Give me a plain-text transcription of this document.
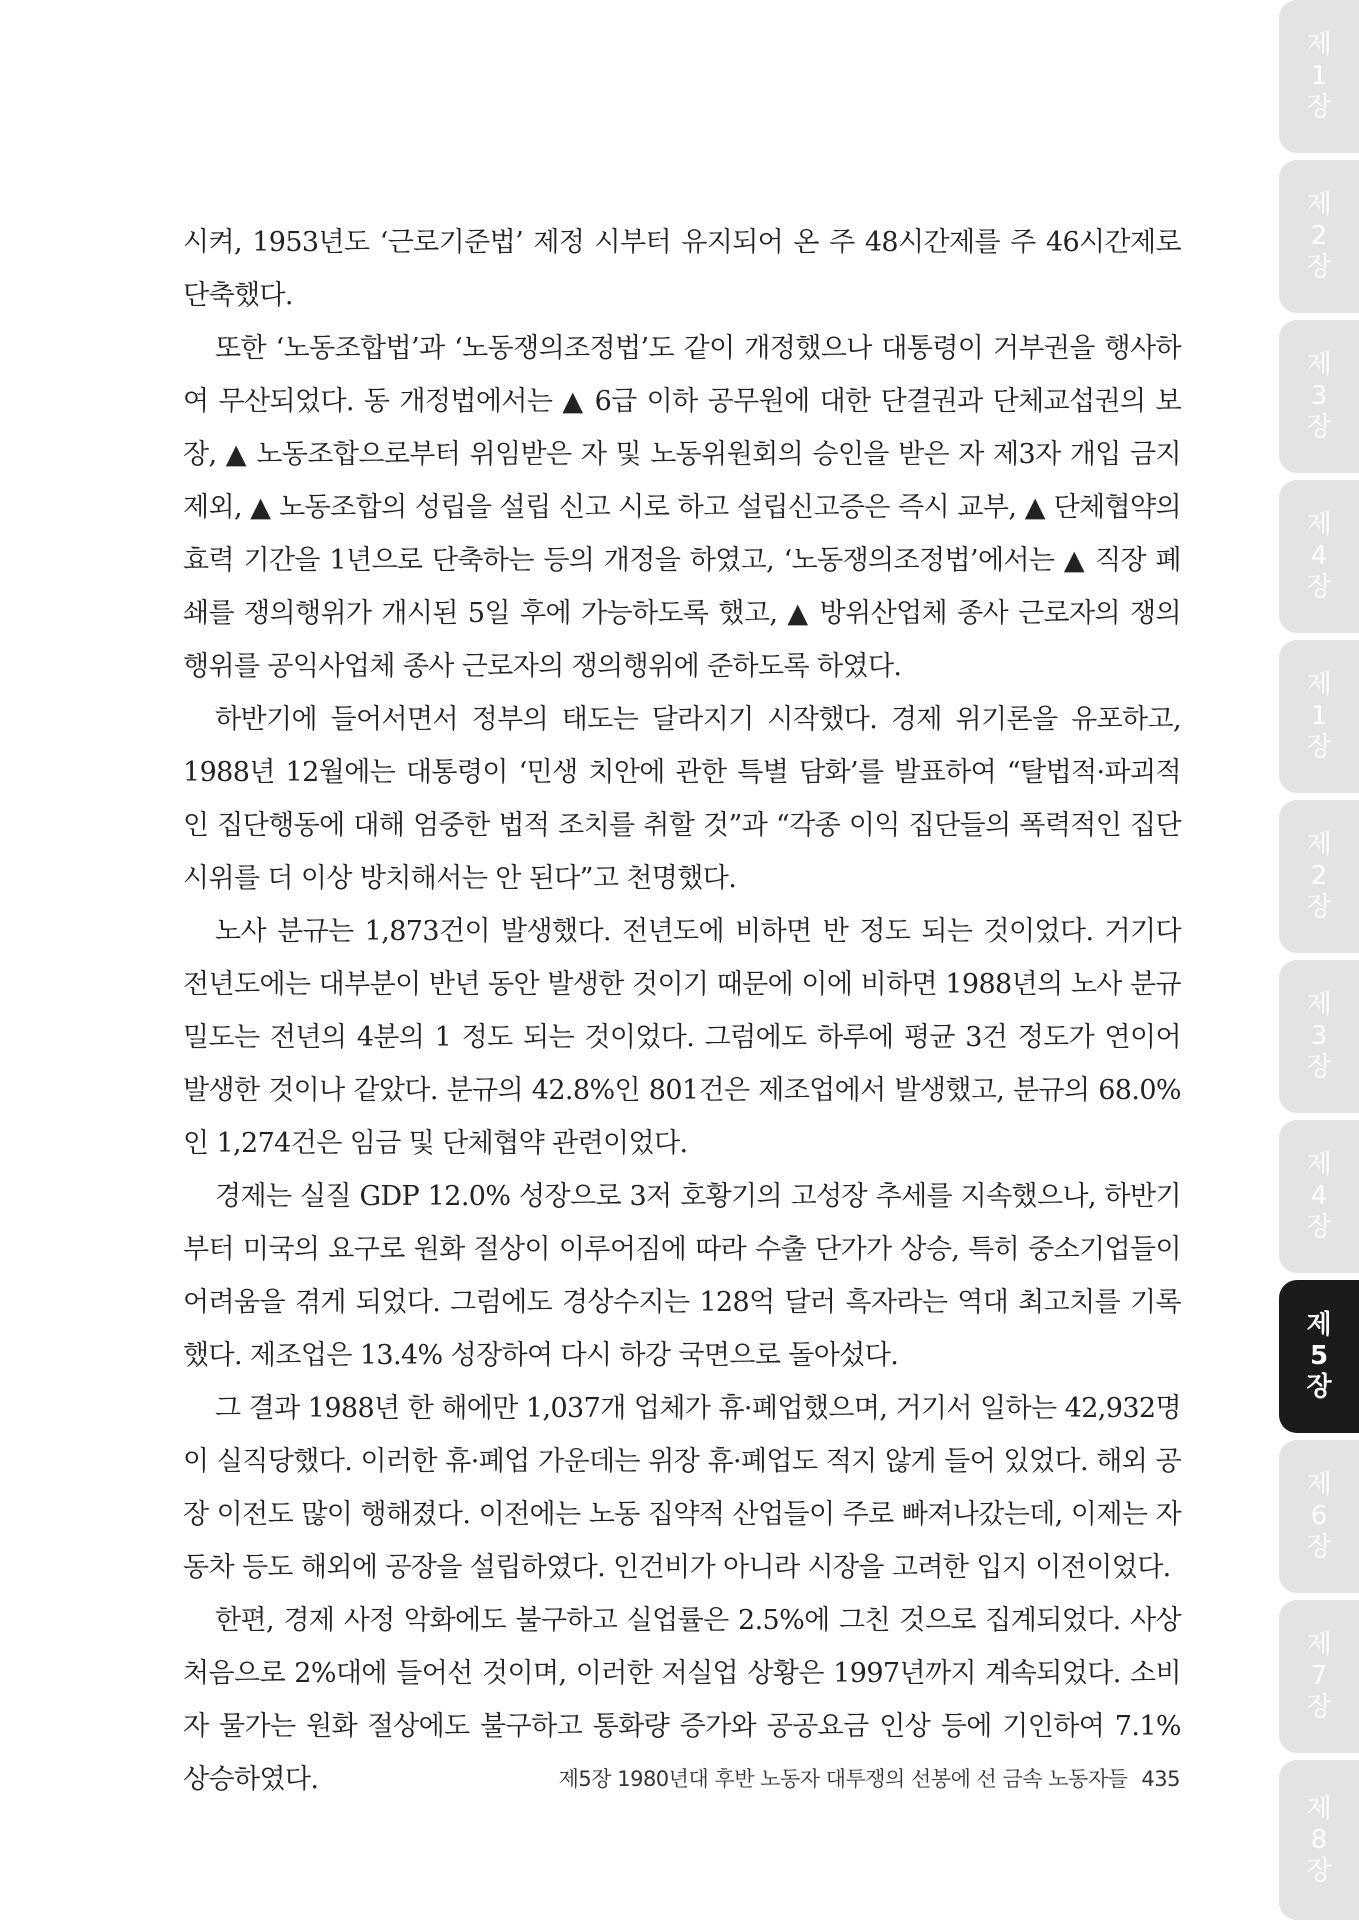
시켜, 1953년도 ‘근로기준법’ 제정 시부터 유지되어 온 주 48시간제를 주 46시간제로 단축했다.

또한 ‘노동조합법’과 ‘노동쟁의조정법’도 같이 개정했으나 대통령이 거부권을 행사하여 무산되었다. 동 개정법에서는 ▲ 6급 이하 공무원에 대한 단결권과 단체교섭권의 보장, ▲ 노동조합으로부터 위임받은 자 및 노동위원회의 승인을 받은 자 제3자 개입 금지 제외, ▲ 노동조합의 성립을 설립 신고 시로 하고 설립신고증은 즉시 교부, ▲ 단체협약의 효력 기간을 1년으로 단축하는 등의 개정을 하였고, ‘노동쟁의조정법’에서는 ▲ 직장 폐쇄를 쟁의행위가 개시된 5일 후에 가능하도록 했고, ▲ 방위산업체 종사 근로자의 쟁의행위를 공익사업체 종사 근로자의 쟁의행위에 준하도록 하였다.

하반기에 들어서면서 정부의 태도는 달라지기 시작했다. 경제 위기론을 유포하고, 1988년 12월에는 대통령이 ‘민생 치안에 관한 특별 담화’를 발표하여 “탈법적·파괴적인 집단행동에 대해 엄중한 법적 조치를 취할 것”과 “각종 이익 집단들의 폭력적인 집단 시위를 더 이상 방치해서는 안 된다”고 천명했다.

노사 분규는 1,873건이 발생했다. 전년도에 비하면 반 정도 되는 것이었다. 거기다 전년도에는 대부분이 반년 동안 발생한 것이기 때문에 이에 비하면 1988년의 노사 분규 밀도는 전년의 4분의 1 정도 되는 것이었다. 그럼에도 하루에 평균 3건 정도가 연이어 발생한 것이나 같았다. 분규의 42.8%인 801건은 제조업에서 발생했고, 분규의 68.0%인 1,274건은 임금 및 단체협약 관련이었다.

경제는 실질 GDP 12.0% 성장으로 3저 호황기의 고성장 추세를 지속했으나, 하반기부터 미국의 요구로 원화 절상이 이루어짐에 따라 수출 단가가 상승, 특히 중소기업들이 어려움을 겪게 되었다. 그럼에도 경상수지는 128억 달러 흑자라는 역대 최고치를 기록했다. 제조업은 13.4% 성장하여 다시 하강 국면으로 돌아섰다.

그 결과 1988년 한 해에만 1,037개 업체가 휴·폐업했으며, 거기서 일하는 42,932명이 실직당했다. 이러한 휴·폐업 가운데는 위장 휴·폐업도 적지 않게 들어 있었다. 해외 공장 이전도 많이 행해졌다. 이전에는 노동 집약적 산업들이 주로 빠져나갔는데, 이제는 자동차 등도 해외에 공장을 설립하였다. 인건비가 아니라 시장을 고려한 입지 이전이었다.

한편, 경제 사정 악화에도 불구하고 실업률은 2.5%에 그친 것으로 집계되었다. 사상 처음으로 2%대에 들어선 것이며, 이러한 저실업 상황은 1997년까지 계속되었다. 소비자 물가는 원화 절상에도 불구하고 통화량 증가와 공공요금 인상 등에 기인하여 7.1% 상승하였다.	제5장 1980년대 후반 노동자 대투쟁의 선봉에 선 금속 노동자들 435
제
1
장
제
2
장
제
3
장
제
4
장
제
1
장
제
2
장
제
3
장
제
4
장
제
5
장
제
6
장
제
7
장
제
8
장
